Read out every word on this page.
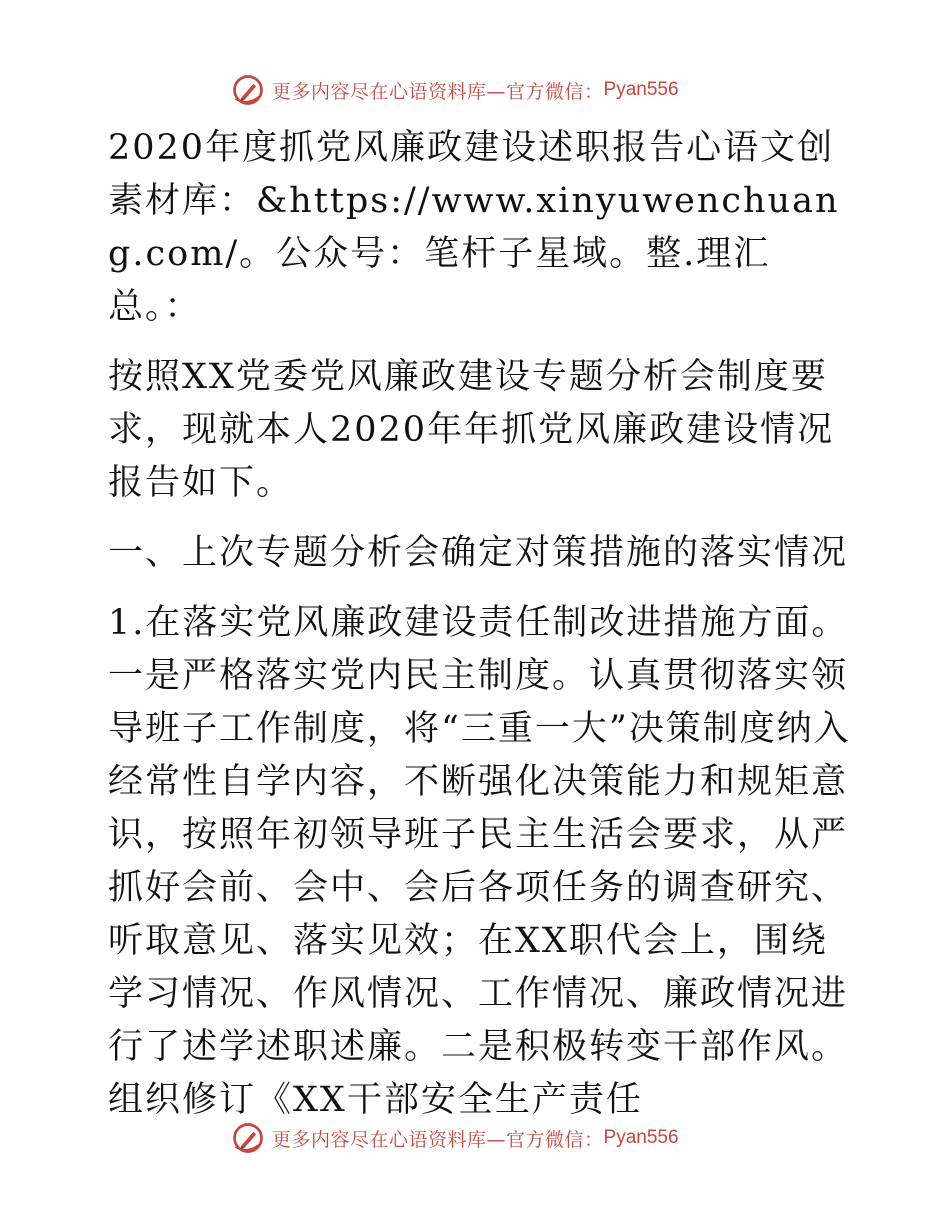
更多内容尽在心语资料库—官方微信： Pyan556

2020年度抓党风廉政建设述职报告心语文创素材库：&https://www.xinyuwenchuang.com/。公众号：笔杆子星域。整.理汇总。：

按照XX党委党风廉政建设专题分析会制度要求，现就本人2020年年抓党风廉政建设情况报告如下。

一、上次专题分析会确定对策措施的落实情况

1.在落实党风廉政建设责任制改进措施方面。一是严格落实党内民主制度。认真贯彻落实领导班子工作制度，将“三重一大”决策制度纳入经常性自学内容，不断强化决策能力和规矩意识，按照年初领导班子民主生活会要求，从严抓好会前、会中、会后各项任务的调查研究、听取意见、落实见效；在XX职代会上，围绕学习情况、作风情况、工作情况、廉政情况进行了述学述职述廉。二是积极转变干部作风。组织修订《XX干部安全生产责任

更多内容尽在心语资料库—官方微信： Pyan556
